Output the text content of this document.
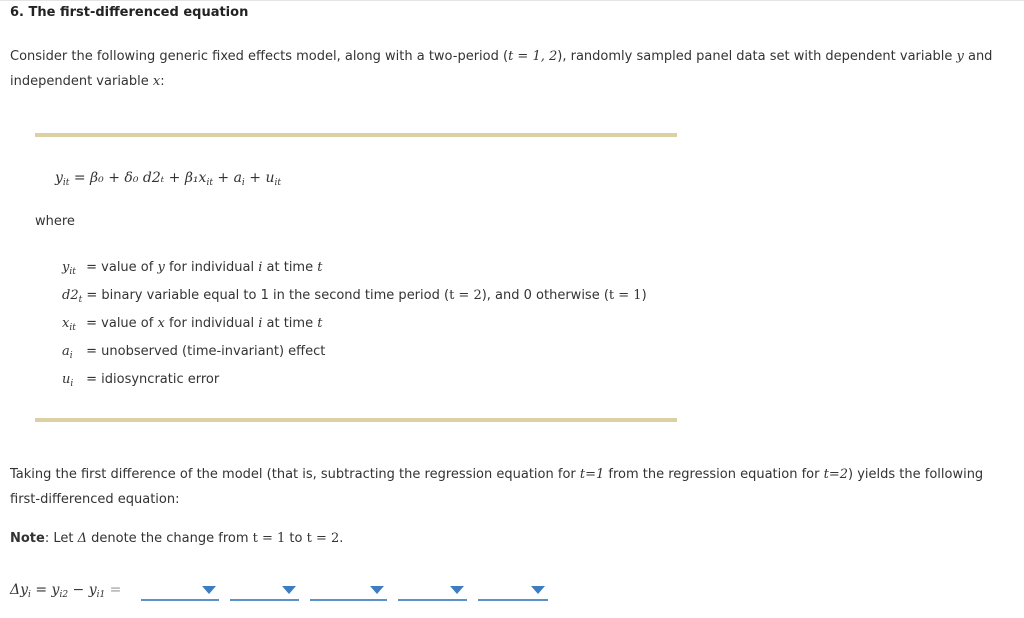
6. The first-differenced equation
Consider the following generic fixed effects model, along with a two-period (t = 1, 2), randomly sampled panel data set with dependent variable y and
independent variable x:
$y_{it} = \beta_0 + \delta_0$ $d2_t + \beta_1x_{it} + a_i + u_{it}$
where
$y_{it}$ = value of y for individual i at time t
$d2_t$ = binary variable equal to 1 in the second time period (t = 2), and 0 otherwise (t = 1)
$x_{it}$ = value of x for individual i at time t
$a_i$ = unobserved (time-invariant) effect
$u_i$ = idiosyncratic error
Taking the first difference of the model (that is, subtracting the regression equation for t=1 from the regression equation for t=2) yields the following
first-differenced equation:
Note: Let Δ denote the change from t = 1 to t = 2.
$\Delta y_i = y_{i2} - y_{i1}$ =
